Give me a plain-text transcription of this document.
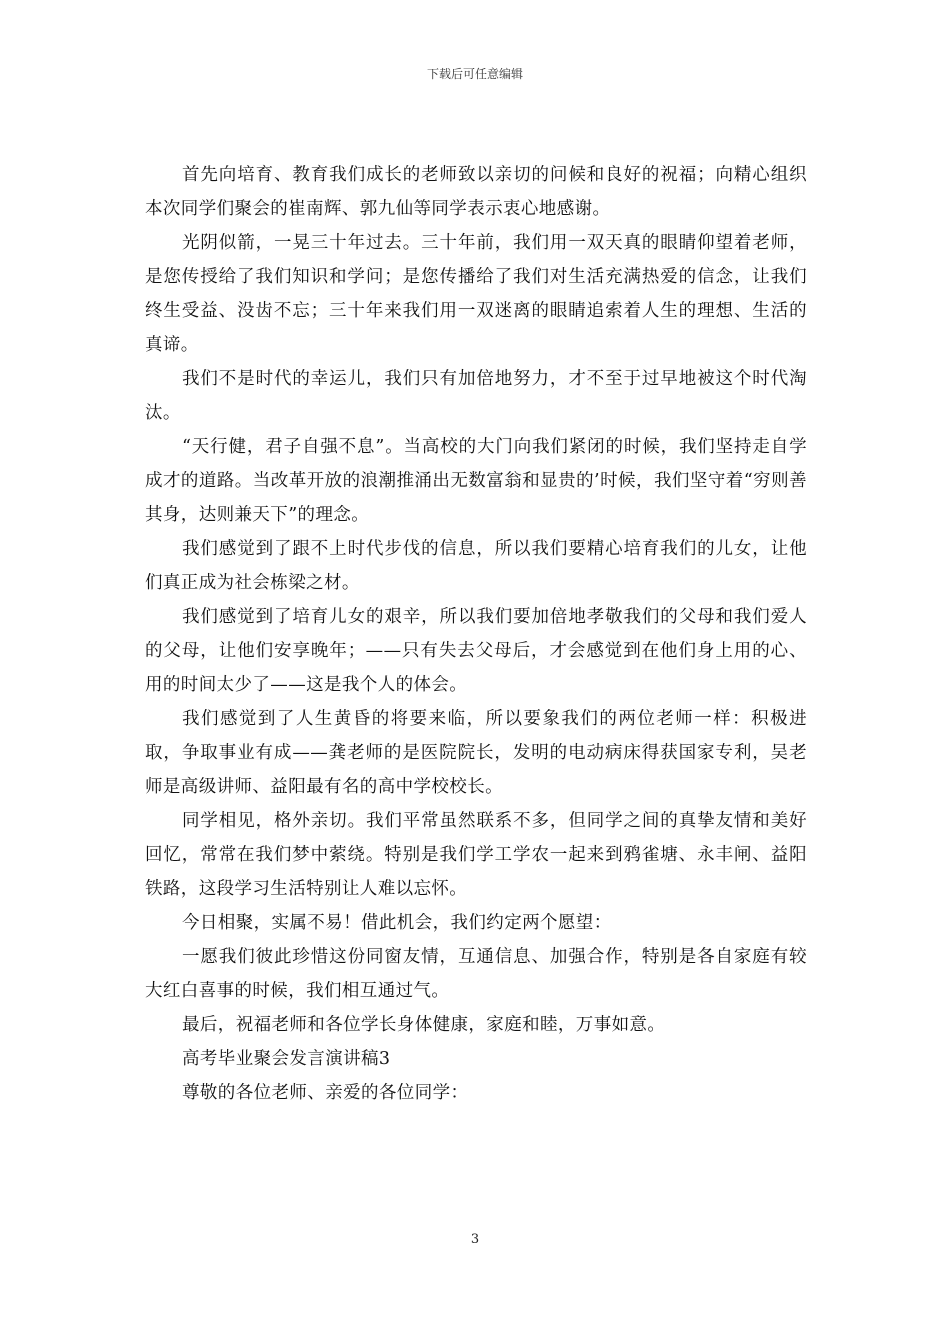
下载后可任意编辑

首先向培育、教育我们成长的老师致以亲切的问候和良好的祝福；向精心组织本次同学们聚会的崔南辉、郭九仙等同学表示衷心地感谢。

光阴似箭，一晃三十年过去。三十年前，我们用一双天真的眼睛仰望着老师，是您传授给了我们知识和学问；是您传播给了我们对生活充满热爱的信念，让我们终生受益、没齿不忘；三十年来我们用一双迷离的眼睛追索着人生的理想、生活的真谛。

我们不是时代的幸运儿，我们只有加倍地努力，才不至于过早地被这个时代淘汰。

“天行健，君子自强不息”。当高校的大门向我们紧闭的时候，我们坚持走自学成才的道路。当改革开放的浪潮推涌出无数富翁和显贵的’时候，我们坚守着“穷则善其身，达则兼天下”的理念。

我们感觉到了跟不上时代步伐的信息，所以我们要精心培育我们的儿女，让他们真正成为社会栋梁之材。

我们感觉到了培育儿女的艰辛，所以我们要加倍地孝敬我们的父母和我们爱人的父母，让他们安享晚年；——只有失去父母后，才会感觉到在他们身上用的心、用的时间太少了——这是我个人的体会。

我们感觉到了人生黄昏的将要来临，所以要象我们的两位老师一样：积极进取，争取事业有成——龚老师的是医院院长，发明的电动病床得获国家专利，吴老师是高级讲师、益阳最有名的高中学校校长。

同学相见，格外亲切。我们平常虽然联系不多，但同学之间的真挚友情和美好回忆，常常在我们梦中萦绕。特别是我们学工学农一起来到鸦雀塘、永丰闸、益阳铁路，这段学习生活特别让人难以忘怀。

今日相聚，实属不易！借此机会，我们约定两个愿望：

一愿我们彼此珍惜这份同窗友情，互通信息、加强合作，特别是各自家庭有较大红白喜事的时候，我们相互通过气。

最后，祝福老师和各位学长身体健康，家庭和睦，万事如意。

高考毕业聚会发言演讲稿3

尊敬的各位老师、亲爱的各位同学：

3
